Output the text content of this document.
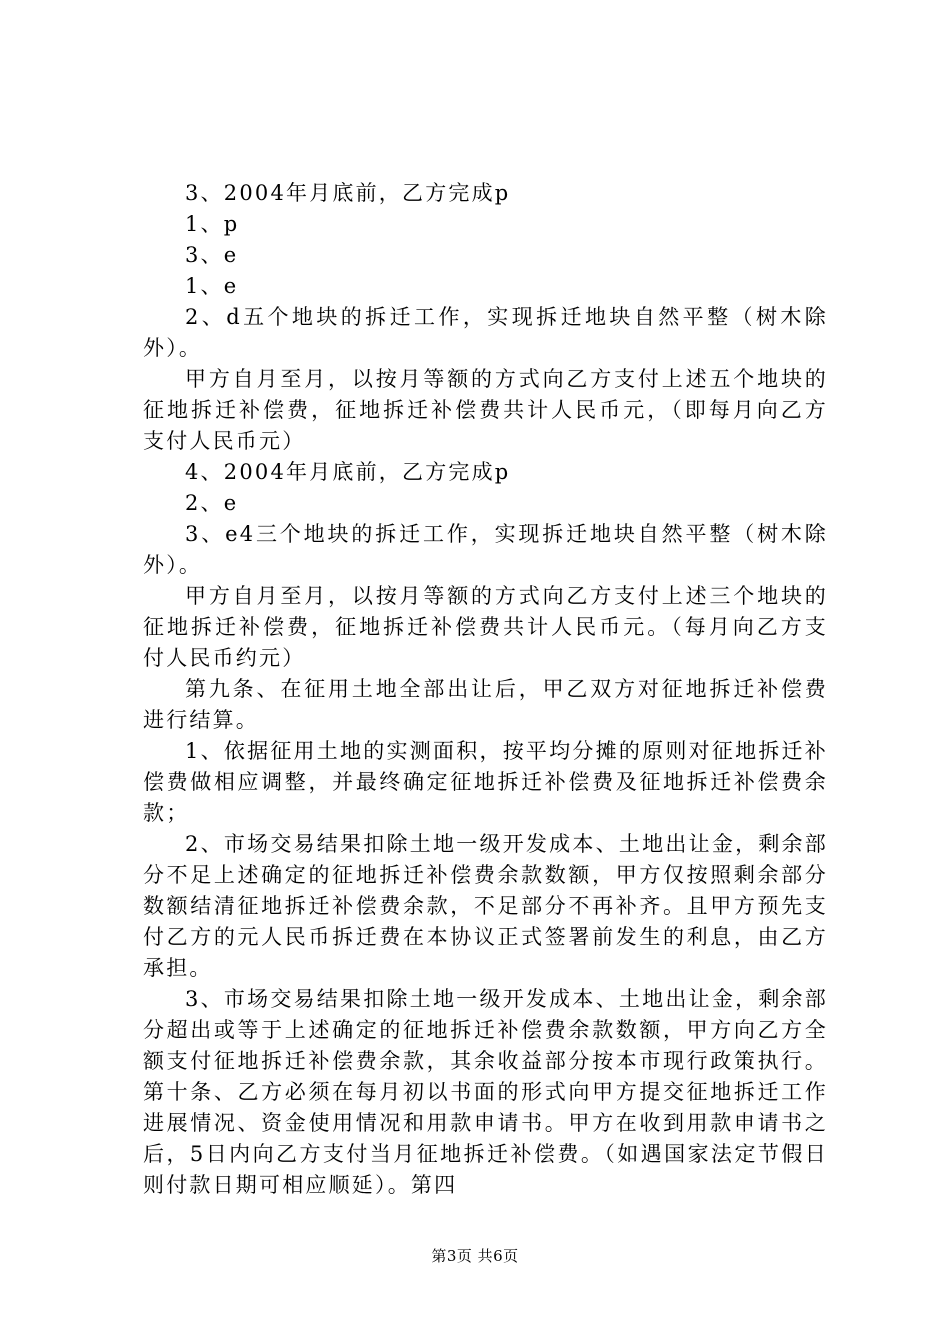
3、2004年月底前，乙方完成p

1、p

3、e

1、e

2、d五个地块的拆迁工作，实现拆迁地块自然平整（树木除外）。

甲方自月至月，以按月等额的方式向乙方支付上述五个地块的征地拆迁补偿费，征地拆迁补偿费共计人民币元，（即每月向乙方支付人民币元）

4、2004年月底前，乙方完成p

2、e

3、e4三个地块的拆迁工作，实现拆迁地块自然平整（树木除外）。

甲方自月至月，以按月等额的方式向乙方支付上述三个地块的征地拆迁补偿费，征地拆迁补偿费共计人民币元。（每月向乙方支付人民币约元）

第九条、在征用土地全部出让后，甲乙双方对征地拆迁补偿费进行结算。

1、依据征用土地的实测面积，按平均分摊的原则对征地拆迁补偿费做相应调整，并最终确定征地拆迁补偿费及征地拆迁补偿费余款；

2、市场交易结果扣除土地一级开发成本、土地出让金，剩余部分不足上述确定的征地拆迁补偿费余款数额，甲方仅按照剩余部分数额结清征地拆迁补偿费余款，不足部分不再补齐。且甲方预先支付乙方的元人民币拆迁费在本协议正式签署前发生的利息，由乙方承担。

3、市场交易结果扣除土地一级开发成本、土地出让金，剩余部分超出或等于上述确定的征地拆迁补偿费余款数额，甲方向乙方全额支付征地拆迁补偿费余款，其余收益部分按本市现行政策执行。第十条、乙方必须在每月初以书面的形式向甲方提交征地拆迁工作进展情况、资金使用情况和用款申请书。甲方在收到用款申请书之后，5日内向乙方支付当月征地拆迁补偿费。（如遇国家法定节假日则付款日期可相应顺延）。第四

第3页 共6页
